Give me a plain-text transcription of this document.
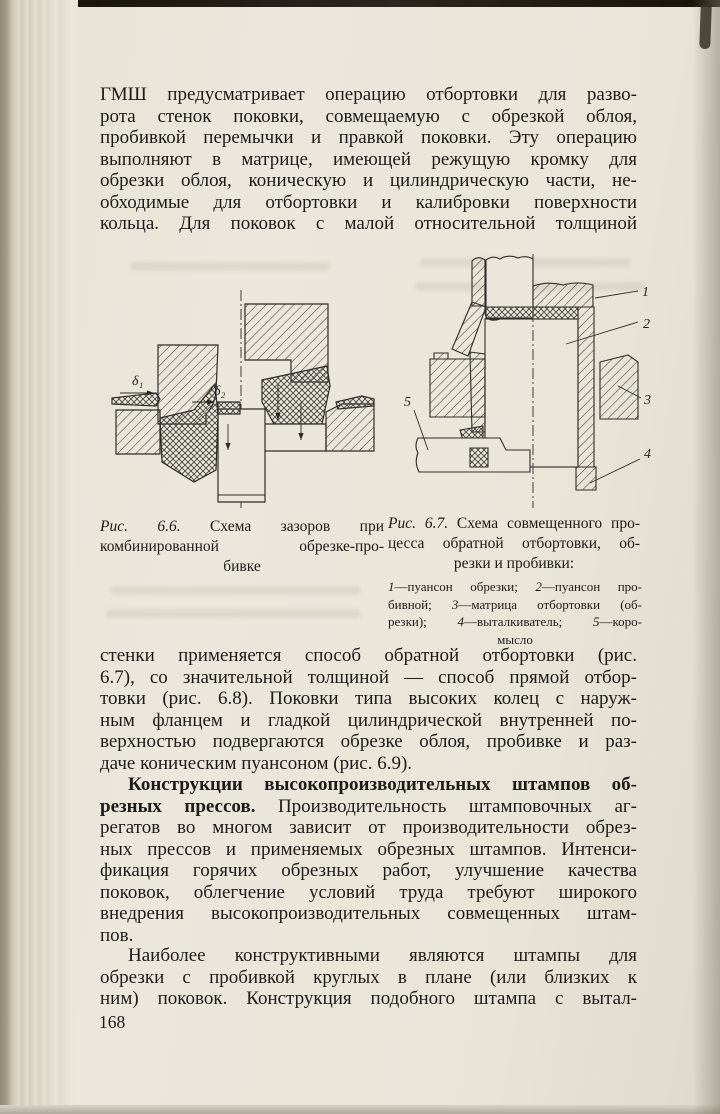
ГМШ предусматривает операцию отбортовки для разво-
рота стенок поковки, совмещаемую с обрезкой облоя,
пробивкой перемычки и правкой поковки. Эту операцию
выполняют в матрице, имеющей режущую кромку для
обрезки облоя, коническую и цилиндрическую части, не-
обходимые для отбортовки и калибровки поверхности
кольца. Для поковок с малой относительной толщиной
δ₁
δ₂
1
2
3
4
5
Рис. 6.6. Схема зазоров при
комбинированной обрезке-про-
бивке
Рис. 6.7. Схема совмещенного про-
цесса обратной отбортовки, об-
резки и пробивки:
1—пуансон обрезки; 2—пуансон про-
бивной; 3—матрица отбортовки (об-
резки); 4—выталкиватель; 5—коро-
мысло
стенки применяется способ обратной отбортовки (рис.
6.7), со значительной толщиной — способ прямой отбор-
товки (рис. 6.8). Поковки типа высоких колец с наруж-
ным фланцем и гладкой цилиндрической внутренней по-
верхностью подвергаются обрезке облоя, пробивке и раз-
даче коническим пуансоном (рис. 6.9).
Конструкции высокопроизводительных штампов об-
резных прессов. Производительность штамповочных аг-
регатов во многом зависит от производительности обрез-
ных прессов и применяемых обрезных штампов. Интенси-
фикация горячих обрезных работ, улучшение качества
поковок, облегчение условий труда требуют широкого
внедрения высокопроизводительных совмещенных штам-
пов.
Наиболее конструктивными являются штампы для
обрезки с пробивкой круглых в плане (или близких к
ним) поковок. Конструкция подобного штампа с вытал-
168
